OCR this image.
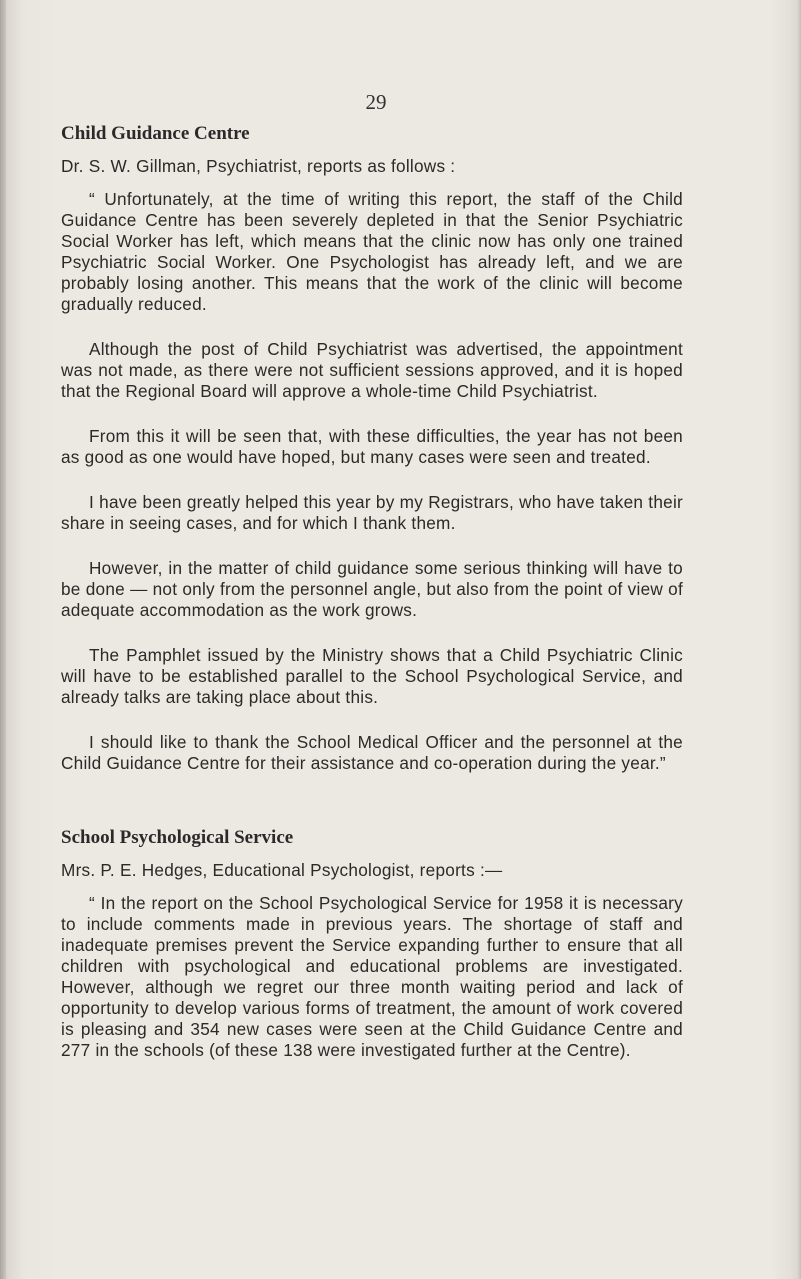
29
Child Guidance Centre

Dr. S. W. Gillman, Psychiatrist, reports as follows :

“ Unfortunately, at the time of writing this report, the staff of the Child Guidance Centre has been severely depleted in that the Senior Psychiatric Social Worker has left, which means that the clinic now has only one trained Psychiatric Social Worker. One Psychologist has already left, and we are probably losing another. This means that the work of the clinic will become gradually reduced.

Although the post of Child Psychiatrist was advertised, the appointment was not made, as there were not sufficient sessions approved, and it is hoped that the Regional Board will approve a whole-time Child Psychiatrist.

From this it will be seen that, with these difficulties, the year has not been as good as one would have hoped, but many cases were seen and treated.

I have been greatly helped this year by my Registrars, who have taken their share in seeing cases, and for which I thank them.

However, in the matter of child guidance some serious thinking will have to be done — not only from the personnel angle, but also from the point of view of adequate accommodation as the work grows.

The Pamphlet issued by the Ministry shows that a Child Psychiatric Clinic will have to be established parallel to the School Psychological Service, and already talks are taking place about this.

I should like to thank the School Medical Officer and the personnel at the Child Guidance Centre for their assistance and co-operation during the year.”

School Psychological Service

Mrs. P. E. Hedges, Educational Psychologist, reports :—

“ In the report on the School Psychological Service for 1958 it is necessary to include comments made in previous years. The shortage of staff and inadequate premises prevent the Service expanding further to ensure that all children with psychological and educational problems are investigated. However, although we regret our three month waiting period and lack of opportunity to develop various forms of treatment, the amount of work covered is pleasing and 354 new cases were seen at the Child Guidance Centre and 277 in the schools (of these 138 were investigated further at the Centre).
